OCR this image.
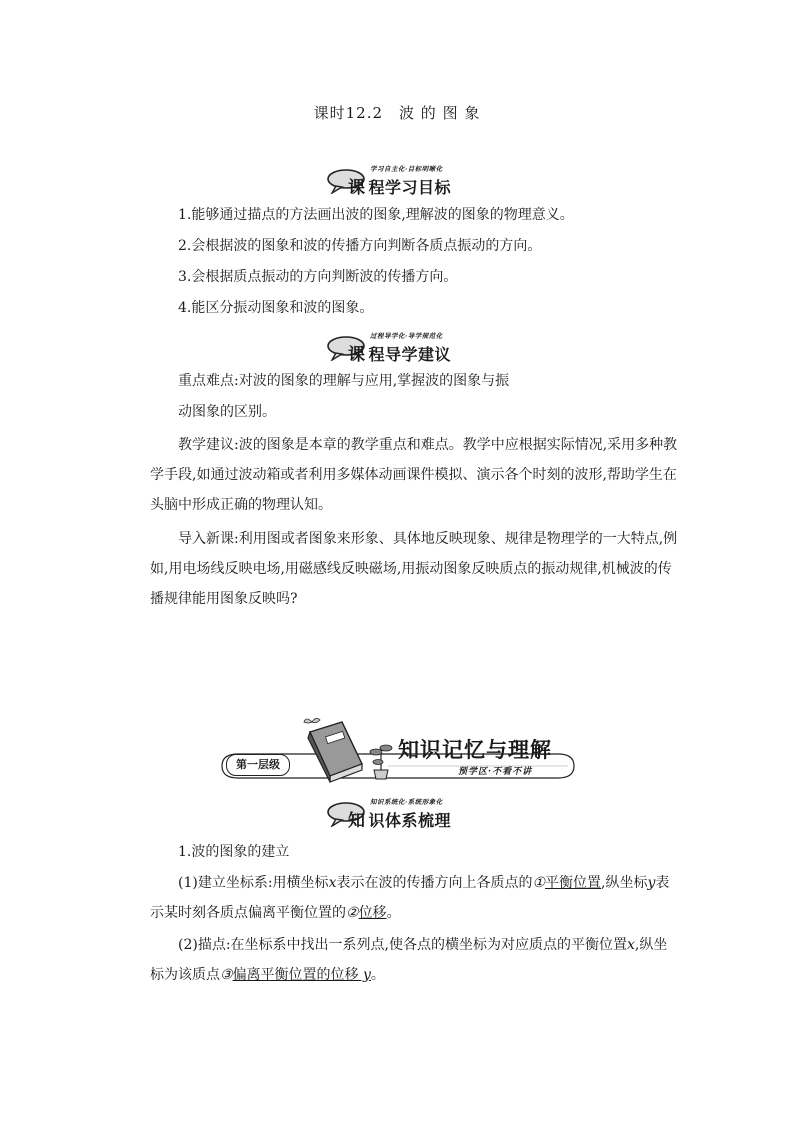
课时12.2　波 的 图 象
学习自主化·目标明晰化
课 程学习目标

1.能够通过描点的方法画出波的图象,理解波的图象的物理意义。

2.会根据波的图象和波的传播方向判断各质点振动的方向。

3.会根据质点振动的方向判断波的传播方向。

4.能区分振动图象和波的图象。

过程导学化·导学规范化
课 程导学建议

重点难点:对波的图象的理解与应用,掌握波的图象与振

动图象的区别。

教学建议:波的图象是本章的教学重点和难点。教学中应根据实际情况,采用多种教学手段,如通过波动箱或者利用多媒体动画课件模拟、演示各个时刻的波形,帮助学生在头脑中形成正确的物理认知。

导入新课:利用图或者图象来形象、具体地反映现象、规律是物理学的一大特点,例如,用电场线反映电场,用磁感线反映磁场,用振动图象反映质点的振动规律,机械波的传播规律能用图象反映吗?

第一层级
知识记忆与理解
预学区·不看不讲
知识系统化·系统形象化
知 识体系梳理

1.波的图象的建立

(1)建立坐标系:用横坐标x表示在波的传播方向上各质点的①平衡位置,纵坐标y表示某时刻各质点偏离平衡位置的②位移。

(2)描点:在坐标系中找出一系列点,使各点的横坐标为对应质点的平衡位置x,纵坐标为该质点③偏离平衡位置的位移 y。
